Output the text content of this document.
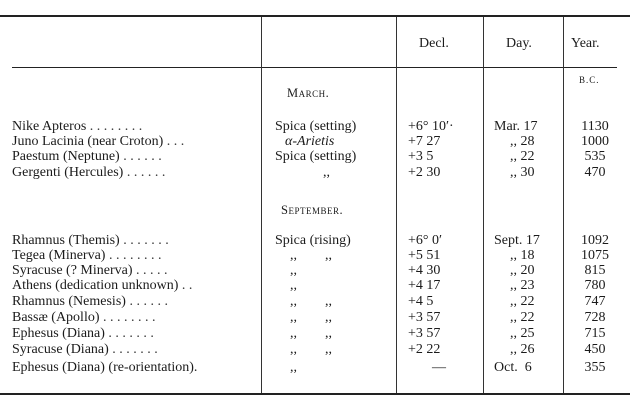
Decl.	Day.	Year.
B.C.
March.
September.
Nike Apteros . . . . . . . .	Spica (setting)	+6° 10′·	Mar. 17	1130
Juno Lacinia (near Croton) . . .	α-Arietis	+7 27	,, 28	1000
Paestum (Neptune) . . . . . .	Spica (setting)	+3 5	,, 22	535
Gergenti (Hercules) . . . . . .	,,	+2 30	,, 30	470
Rhamnus (Themis) . . . . . . .	Spica (rising)	+6° 0′	Sept. 17	1092
Tegea (Minerva) . . . . . . . .	,,        ,,	+5 51	,, 18	1075
Syracuse (? Minerva) . . . . .	,,	+4 30	,, 20	815
Athens (dedication unknown) . .	,,	+4 17	,, 23	780
Rhamnus (Nemesis) . . . . . .	,,        ,,	+4 5	,, 22	747
Bassæ (Apollo) . . . . . . . .	,,        ,,	+3 57	,, 22	728
Ephesus (Diana) . . . . . . .	,,        ,,	+3 57	,, 25	715
Syracuse (Diana) . . . . . . .	,,        ,,	+2 22	,, 26	450
Ephesus (Diana) (re-orientation).	,,	—	Oct.  6	355
